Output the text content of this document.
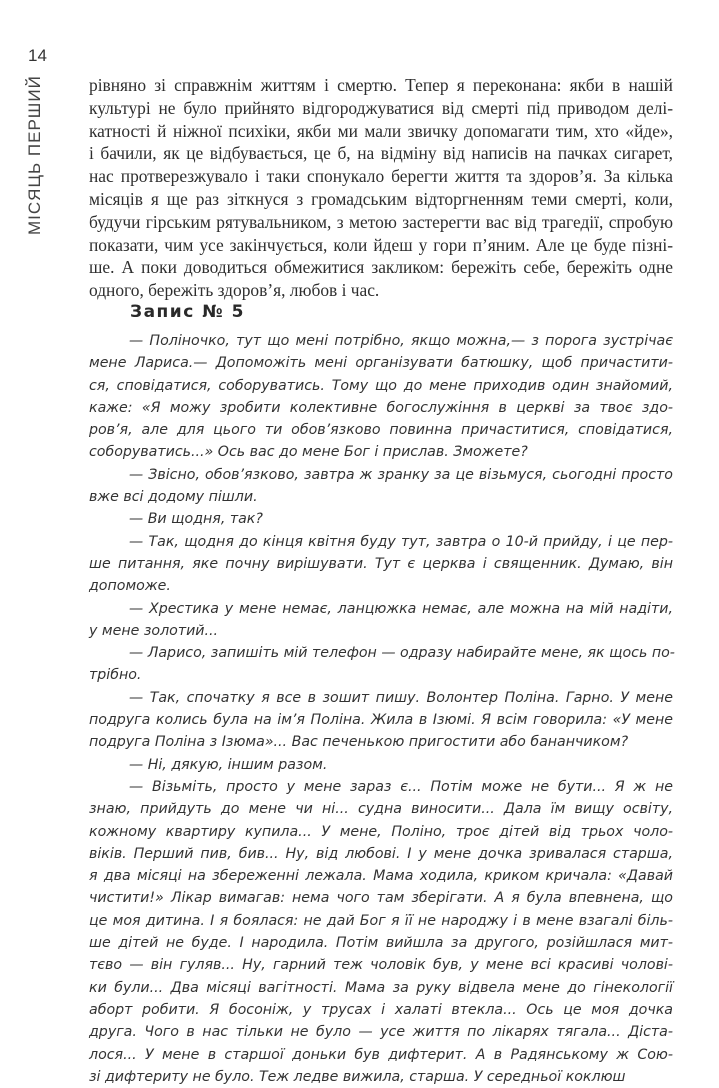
14
МІСЯЦЬ ПЕРШИЙ	рівняно зі справжнім життям і смертю. Тепер я переконана: якби в нашій
культурі не було прийнято відгороджуватися від смерті під приводом делі-
катності й ніжної психіки, якби ми мали звичку допомагати тим, хто «йде»,
і бачили, як це відбувається, це б, на відміну від написів на пачках сигарет,
нас протверезжувало і таки спонукало берегти життя та здоров’я. За кілька
місяців я ще раз зіткнуся з громадським відторгненням теми смерті, коли,
будучи гірським рятувальником, з метою застерегти вас від трагедії, спробую
показати, чим усе закінчується, коли йдеш у гори п’яним. Але це буде пізні-
ше. А поки доводиться обмежитися закликом: бережіть себе, бережіть одне
одного, бережіть здоров’я, любов і час.

Запис № 5
— Поліночко, тут що мені потрібно, якщо можна,— з порога зустрічає
мене Лариса.— Допоможіть мені організувати батюшку, щоб причастити-
ся, сповідатися, соборуватись. Тому що до мене приходив один знайомий,
каже: «Я можу зробити колективне богослужіння в церкві за твоє здо-
ров’я, але для цього ти обов’язково повинна причаститися, сповідатися,
соборуватись...» Ось вас до мене Бог і прислав. Зможете?
— Звісно, обов’язково, завтра ж зранку за це візьмуся, сьогодні просто
вже всі додому пішли.
— Ви щодня, так?
— Так, щодня до кінця квітня буду тут, завтра о 10-й прийду, і це пер-
ше питання, яке почну вирішувати. Тут є церква і священник. Думаю, він
допоможе.
— Хрестика у мене немає, ланцюжка немає, але можна на мій надіти,
у мене золотий...
— Ларисо, запишіть мій телефон — одразу набирайте мене, як щось по-
трібно.
— Так, спочатку я все в зошит пишу. Волонтер Поліна. Гарно. У мене
подруга колись була на ім’я Поліна. Жила в Ізюмі. Я всім говорила: «У мене
подруга Поліна з Ізюма»... Вас печенькою пригостити або бананчиком?
— Ні, дякую, іншим разом.
— Візьміть, просто у мене зараз є... Потім може не бути... Я ж не
знаю, прийдуть до мене чи ні... судна виносити... Дала їм вищу освіту,
кожному квартиру купила... У мене, Поліно, троє дітей від трьох чоло-
віків. Перший пив, бив... Ну, від любові. І у мене дочка зривалася старша,
я два місяці на збереженні лежала. Мама ходила, криком кричала: «Давай
чистити!» Лікар вимагав: нема чого там зберігати. А я була впевнена, що
це моя дитина. І я боялася: не дай Бог я її не народжу і в мене взагалі біль-
ше дітей не буде. І народила. Потім вийшла за другого, розійшлася мит-
тєво — він гуляв... Ну, гарний теж чоловік був, у мене всі красиві чолові-
ки були... Два місяці вагітності. Мама за руку відвела мене до гінекології
аборт робити. Я босоніж, у трусах і халаті втекла... Ось це моя дочка
друга. Чого в нас тільки не було — усе життя по лікарях тягала... Діста-
лося... У мене в старшої доньки був дифтерит. А в Радянському ж Сою-
зі дифтериту не було. Теж ледве вижила, старша. У середньої коклюш
